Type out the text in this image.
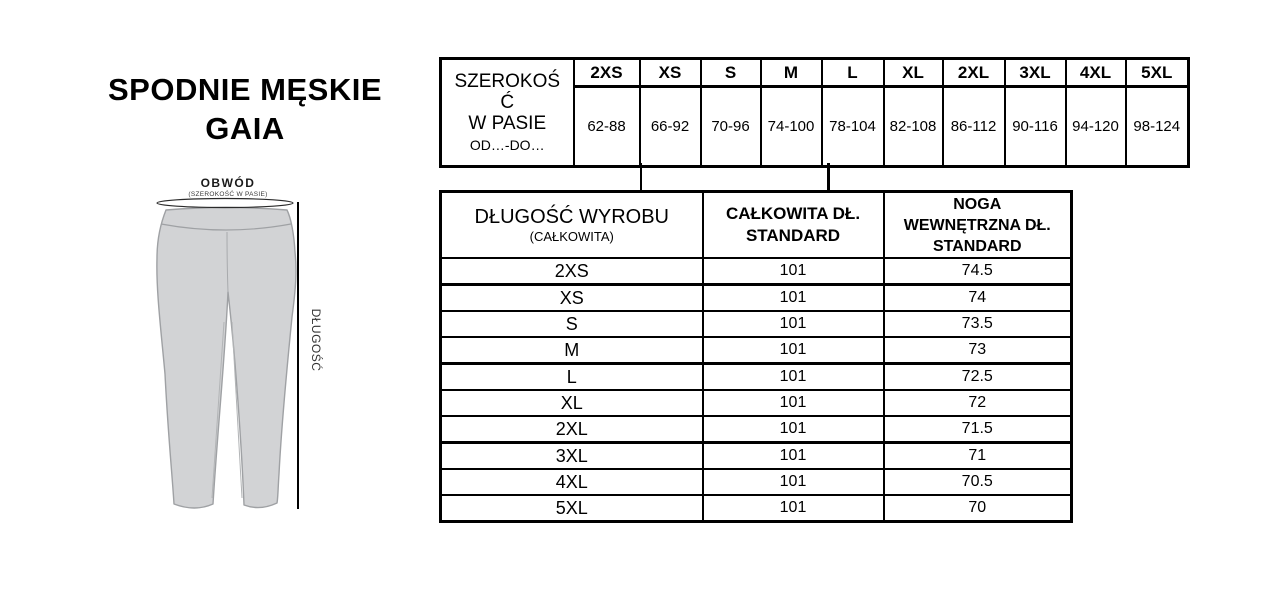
SPODNIE MĘSKIE
GAIA
OBWÓD
(SZEROKOŚĆ W PASIE)
DŁUGOŚĆ
SZEROKOŚ
Ć
W PASIE
OD…-DO…	2XS	XS	S	M	L	XL	2XL	3XL	4XL	5XL
	62-88	66-92	70-96	74-100	78-104	82-108	86-112	90-116	94-120	98-124
DŁUGOŚĆ WYROBU
(CAŁKOWITA)

CAŁKOWITA DŁ.
STANDARD

NOGA
WEWNĘTRZNA DŁ.
STANDARD

2XS	101	74.5
XS	101	74
S	101	73.5
M	101	73
L	101	72.5
XL	101	72
2XL	101	71.5
3XL	101	71
4XL	101	70.5
5XL	101	70
